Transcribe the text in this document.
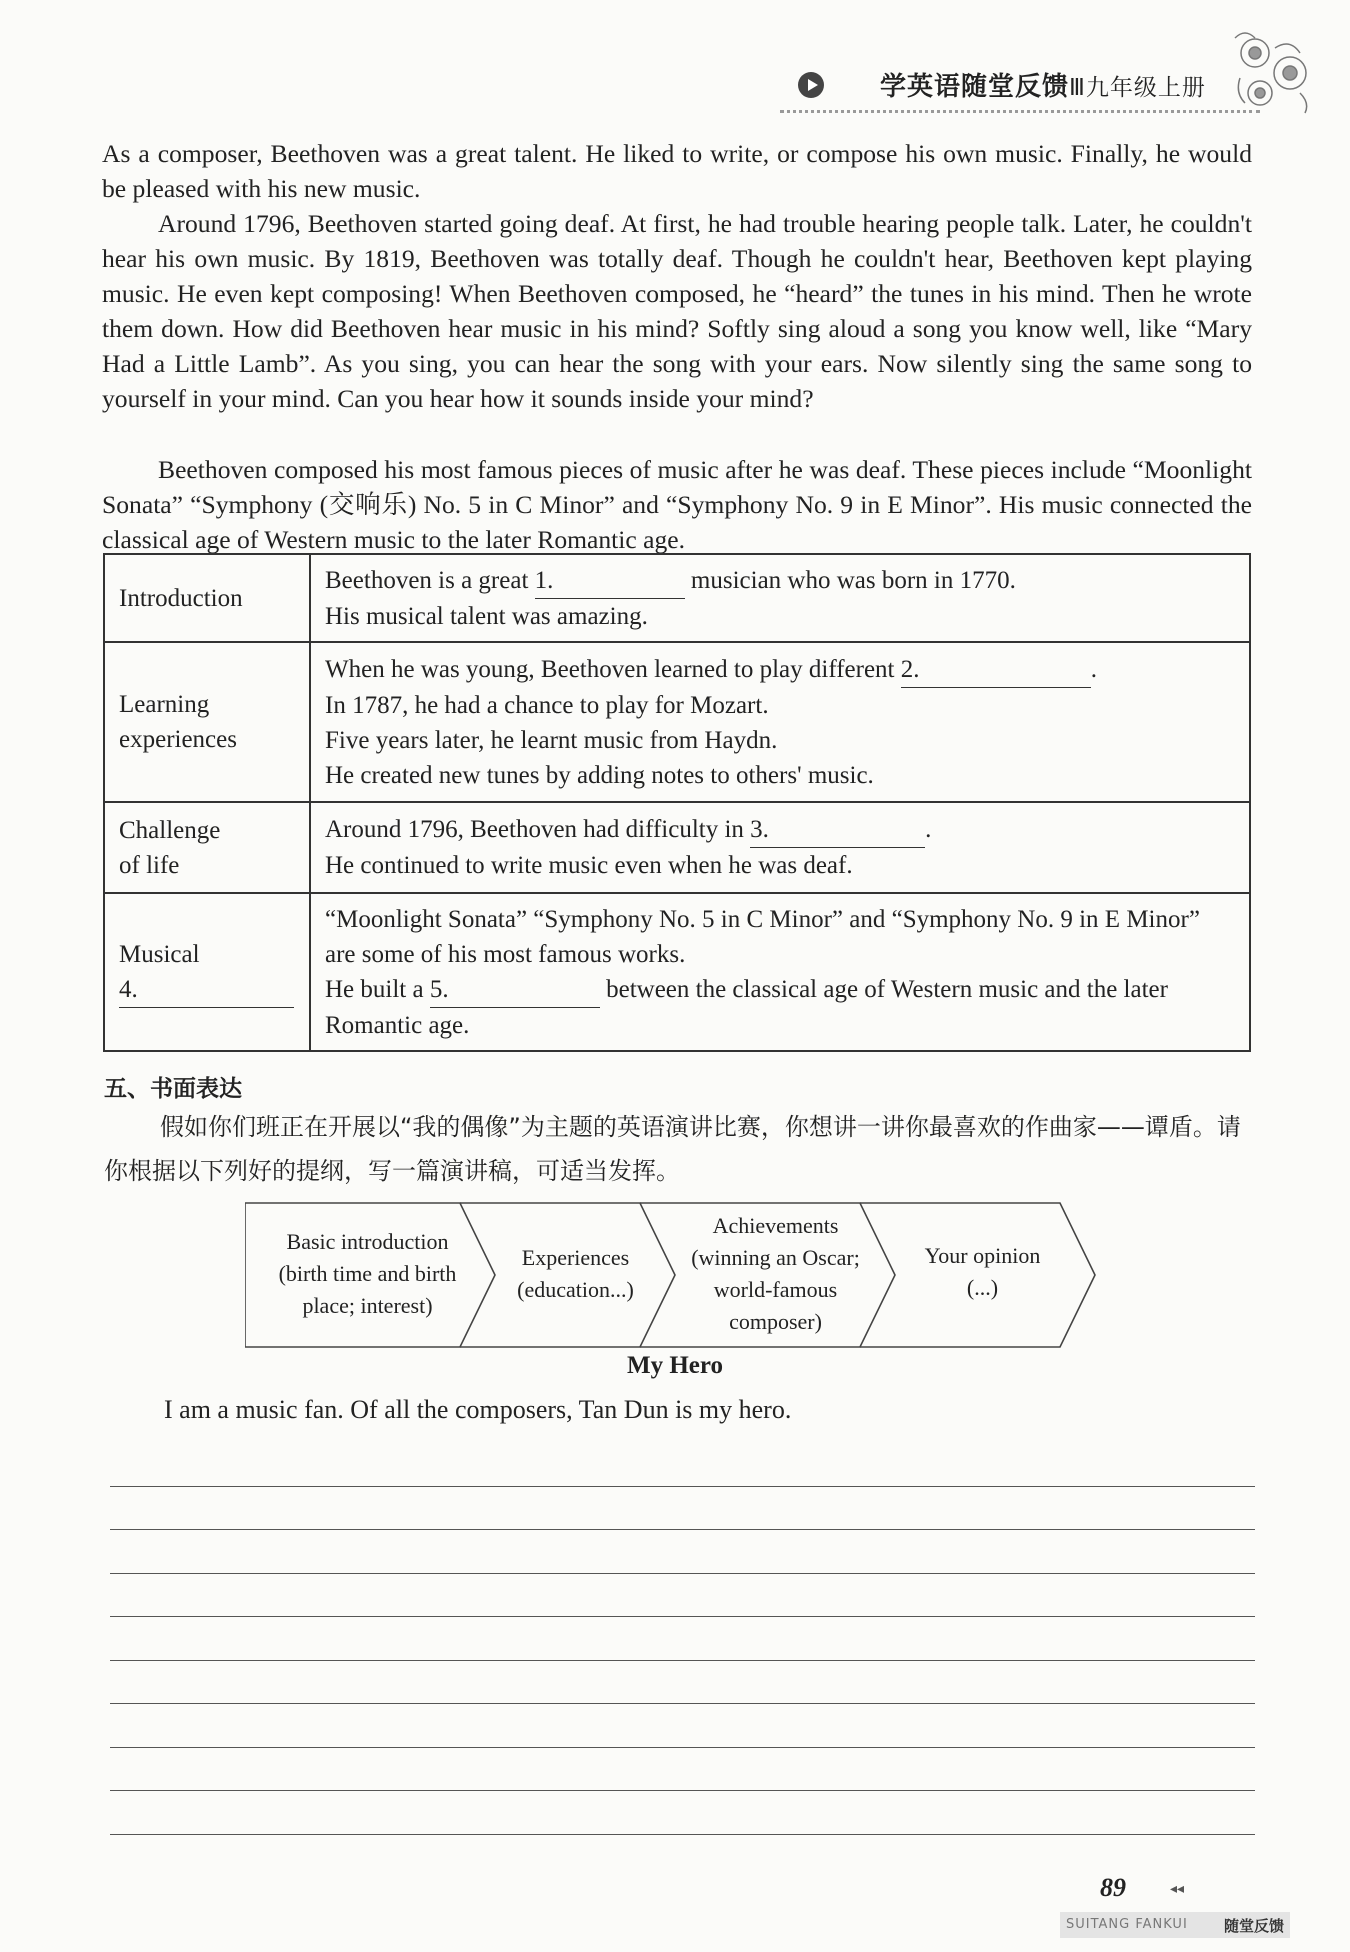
学英语随堂反馈Ⅲ九年级上册
As a composer, Beethoven was a great talent. He liked to write, or compose his own music. Finally, he would be pleased with his new music.
Around 1796, Beethoven started going deaf. At first, he had trouble hearing people talk. Later, he couldn't hear his own music. By 1819, Beethoven was totally deaf. Though he couldn't hear, Beethoven kept playing music. He even kept composing! When Beethoven composed, he “heard” the tunes in his mind. Then he wrote them down. How did Beethoven hear music in his mind? Softly sing aloud a song you know well, like “Mary Had a Little Lamb”. As you sing, you can hear the song with your ears. Now silently sing the same song to yourself in your mind. Can you hear how it sounds inside your mind?
Beethoven composed his most famous pieces of music after he was deaf. These pieces include “Moonlight Sonata” “Symphony (交响乐) No. 5 in C Minor” and “Symphony No. 9 in E Minor”. His music connected the classical age of Western music to the later Romantic age.
Introduction	Beethoven is a great 1. musician who was born in 1770.
His musical talent was amazing.
Learning
experiences	When he was young, Beethoven learned to play different 2. .
In 1787, he had a chance to play for Mozart.
Five years later, he learnt music from Haydn.
He created new tunes by adding notes to others' music.
Challenge
of life	Around 1796, Beethoven had difficulty in 3. .
He continued to write music even when he was deaf.
Musical
4.	“Moonlight Sonata” “Symphony No. 5 in C Minor” and “Symphony No. 9 in E Minor” are some of his most famous works.
He built a 5. between the classical age of Western music and the later Romantic age.
五、书面表达
假如你们班正在开展以“我的偶像”为主题的英语演讲比赛，你想讲一讲你最喜欢的作曲家——谭盾。请你根据以下列好的提纲，写一篇演讲稿，可适当发挥。
Basic introduction
(birth time and birth
place; interest)
Experiences
(education...)
Achievements
(winning an Oscar;
world-famous
composer)
Your opinion
(...)
My Hero
I am a music fan. Of all the composers, Tan Dun is my hero.
89	◂◂
SUITANG FANKUI 随堂反馈
